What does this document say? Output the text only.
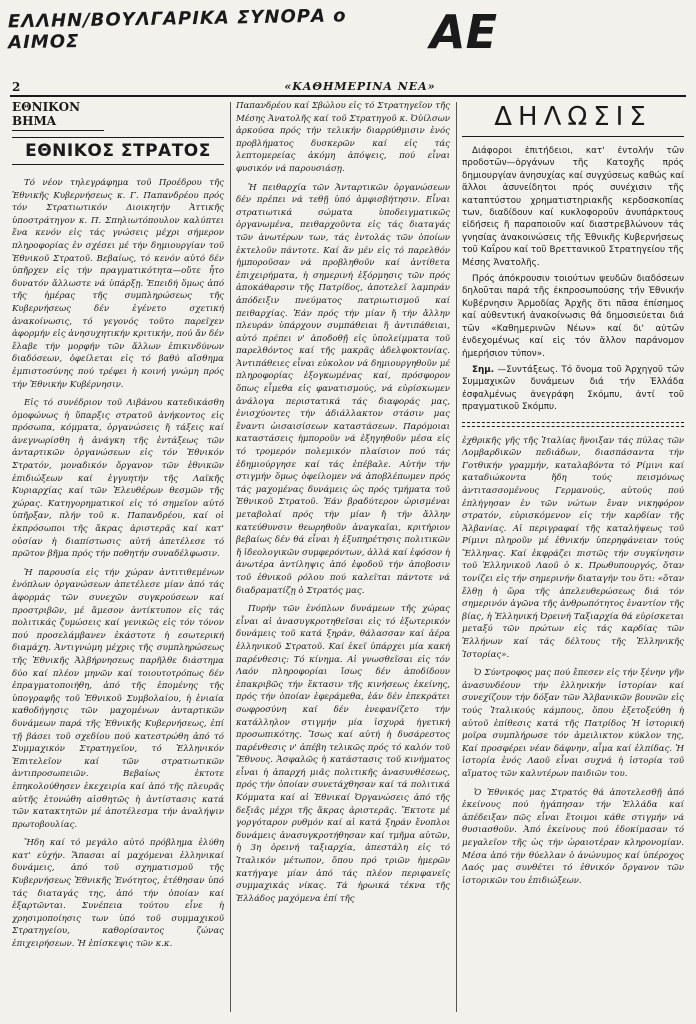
ΕΛΛΗΝ/ΒΟΥΛΓΑΡΙΚΑ ΣΥΝΟΡΑ ο ΑΙΜΟΣ	ΑΕ
2	«ΚΑΘΗΜΕΡΙΝΑ ΝΕΑ»
ΕΘΝΙΚΟΝ ΒΗΜΑ
ΕΘΝΙΚΟΣ ΣΤΡΑΤΟΣ

Τό νέον τηλεγράφημα τοῦ Προέδρου τῆς Ἐθνικῆς Κυβερνήσεως κ. Γ. Παπανδρέου πρός τόν Στρατιωτικόν Διοικητήν Ἀττικῆς ὑποστράτηγον κ. Π. Σπηλιωτόπουλον καλύπτει ἕνα κενόν εἰς τάς γνώσεις μέχρι σήμερον πληροφορίας ἐν σχέσει μέ τήν δημιουργίαν τοῦ Ἐθνικοῦ Στρατοῦ. Βεβαίως, τό κενόν αὐτό δέν ὑπῆρχεν εἰς τήν πραγματικότητα—οὔτε ἦτο δυνατόν ἄλλωστε νά ὑπάρξῃ. Ἐπειδή ὅμως ἀπό τῆς ἡμέρας τῆς συμπληρώσεως τῆς Κυβερνήσεως δέν ἐγένετο σχετική ἀνακοίνωσις, τό γεγονός τοῦτο παρεῖχεν ἀφορμήν εἰς ἀνησυχητικήν κριτικήν, πού ἄν δέν ἔλαβε τήν μορφήν τῶν ἄλλων ἐπικινδύνων διαδόσεων, ὀφείλεται εἰς τό βαθύ αἴσθημα ἐμπιστοσύνης πού τρέφει ἡ κοινή γνώμη πρός τήν Ἐθνικήν Κυβέρνησιν.

Εἰς τό συνέδριον τοῦ Λιβάνου κατεδικάσθη ὁμοφώνως ἡ ὕπαρξις στρατοῦ ἀνήκοντος εἰς πρόσωπα, κόμματα, ὀργανώσεις ἤ τάξεις καί ἀνεγνωρίσθη ἡ ἀνάγκη τῆς ἐντάξεως τῶν ἀνταρτικῶν ὀργανώσεων εἰς τόν Ἐθνικόν Στρατόν, μοναδικόν ὄργανον τῶν ἐθνικῶν ἐπιδιώξεων καί ἐγγυητήν τῆς Λαϊκῆς Κυριαρχίας καί τῶν Ἐλευθέρων θεσμῶν τῆς χώρας. Κατηγορηματικοί εἰς τό σημεῖον αὐτό ὑπῆρξαν, πλήν τοῦ κ. Παπανδρέου, καί οἱ ἐκπρόσωποι τῆς ἄκρας ἀριστερᾶς καί κατ' οὐσίαν ἡ διαπίστωσις αὐτή ἀπετέλεσε τό πρῶτον βῆμα πρός τήν ποθητήν συναδέλφωσιν.

Ἡ παρουσία εἰς τήν χώραν ἀντιτιθεμένων ἐνόπλων ὀργανώσεων ἀπετέλεσε μίαν ἀπό τάς ἀφορμάς τῶν συνεχῶν συγκρούσεων καί προστριβῶν, μέ ἄμεσον ἀντίκτυπον εἰς τάς πολιτικάς ζυμώσεις καί γενικῶς εἰς τόν τόνον πού προσελάμβανεν ἑκάστοτε ἡ εσωτερική διαμάχη. Ἀντιγνώμη μέχρις τῆς συμπληρώσεως τῆς Ἐθνικῆς Ἀλβήρνησεως παρῆλθε διάστημα δύο καί πλέον μηνῶν καί τοιουτοτρόπως δέν ἐπραγματοποιήθη, ἀπό τῆς ἐπομένης τῆς ὑπογραφῆς τοῦ Ἐθνικοῦ Συμβολαίου, ἡ ἑνιαία καθοδήγησις τῶν μαχομένων ἀνταρτικῶν δυνάμεων παρά τῆς Ἐθνικῆς Κυβερνήσεως, ἐπί τῇ βάσει τοῦ σχεδίου πού κατεστρώθη ἀπό τό Συμμαχικόν Στρατηγεῖον, τό Ἑλληνικόν Ἐπιτελεῖον καί τῶν στρατιωτικῶν ἀντιπροσωπειῶν. Βεβαίως ἐκτοτε ἐπηκολούθησεν ἐκεχειρία καί ἀπό τῆς πλευρᾶς αὐτῆς ἐτονώθη αἰσθητῶς ἡ ἀντίστασις κατά τῶν κατακτητῶν μέ ἀποτέλεσμα τήν ἀναλήψιν πρωτοβουλίας.

Ἤδη καί τό μεγάλο αὐτό πρόβλημα ἐλύθη κατ' εὐχήν. Ἅπασαι αἱ μαχόμεναι ἑλληνικαί δυνάμεις, ἀπό τοῦ σχηματισμοῦ τῆς Κυβερνήσεως Ἐθνικῆς Ἑνότητος, ἐτέθησαν ὑπό τάς διαταγάς της, ἀπό τήν ὁποίαν καί ἐξαρτῶνται. Συνέπεια τούτου εἶνε ἡ χρησιμοποίησις των ὑπό τοῦ συμμαχικοῦ Στρατηγείου, καθορίσαντος ζώνας ἐπιχειρήσεων. Ἡ ἐπίσκεψις τῶν κ.κ.

Παπανδρέου καί Σβώλου εἰς τό Στρατηγεῖον τῆς Μέσης Ἀνατολῆς καί τοῦ Στρατηγοῦ κ. Ὀὐίλσων ἀρκούσα πρός τήν τελικήν διαρρύθμισιν ἑνός προβλήματος δυσκερῶν καί εἰς τάς λεπτομερείας ἀκόμη ἀπόψεις, πού εἶναι φυσικόν νά παρουσιάσῃ.

Ἡ πειθαρχία τῶν Ἀνταρτικῶν ὀργανώσεων δέν πρέπει νά τεθῇ ὑπό ἀμφισβήτησιν. Εἶναι στρατιωτικά σώματα ὑποδειγματικῶς ὀργανωμένα, πειθαρχοῦντα εἰς τάς διαταγάς τῶν ἀνωτέρων των, τάς ἐντολάς τῶν ὁποίων ἐκτελοῦν πάντοτε. Καί ἄν μέν εἰς τό παρελθόν ἠμποροῦσαν νά προβληθοῦν καί ἀντίθετα ἐπιχειρήματα, ἡ σημερινή ἐξόρμησις τῶν πρός ἀποκάθαρσιν τῆς Πατρίδος, ἀποτελεῖ λαμπράν ἀπόδειξιν πνεύματος πατριωτισμοῦ καί πειθαρχίας. Ἐάν πρός τήν μίαν ἤ τήν ἄλλην πλευράν ὑπάρχουν συμπάθειαι ἤ ἀντιπάθειαι, αὐτό πρέπει ν' ἀποδοθῇ εἰς ὑπολείμματα τοῦ παρελθόντος καί τῆς μακρᾶς ἀδελφοκτονίας. Ἀντιπάθειες εἶναι εὐκολον νά δημιουργηθοῦν μέ πληροφορίας ἐξογκωμένας καί, πρόσφορον ὅπως εἶμεθα εἰς φανατισμούς, νά εὑρίσκωμεν ἀνάλογα περιστατικά τάς διαφοράς μας, ἐνισχύοντες τήν ἀδιάλλακτον στάσιν μας ἔναντι ὡισαισίσεων καταστάσεων. Παρόμοιαι καταστάσεις ἠμποροῦν νά ἐξηγηθοῦν μέσα εἰς τό τρομερόν πολεμικόν πλαίσιον πού τάς ἐδημιούργησε καί τάς ἐπέβαλε. Αὐτήν τήν στιγμήν ὅμως ὀφείλομεν νά ἀποβλέπωμεν πρός τάς μαχομένας δυνάμεις ὡς πρός τμήματα τοῦ Ἐθνικοῦ Στρατοῦ. Ἐάν βραδύτερον ὡρισμέναι μεταβολαί πρός τήν μίαν ἤ τήν ἄλλην κατεύθυνσιν θεωρηθοῦν ἀναγκαῖαι, κριτήριον βεβαίως δέν θά εἶναι ἡ ἐξυπηρέτησις πολιτικῶν ἤ ἰδεολογικῶν συμφερόντων, ἀλλά καί ἐφόσον ἡ ἀνωτέρα ἀντίληψις ἀπό ἐφοδοῦ τήν ἀποβοσιν τοῦ ἐθνικοῦ ρόλου πού καλεῖται πάντοτε νά διαδραματίζῃ ὁ Στρατός μας.

Πυρήν τῶν ἐνόπλων δυνάμεων τῆς χώρας εἶναι αἱ ἀνασυγκροτηθεῖσαι εἰς τό ἐξωτερικόν δυνάμεις τοῦ κατά ξηράν, θάλασσαν καί ἀέρα ἑλληνικοῦ Στρατοῦ. Καί ἐκεῖ ὑπάρχει μία κακή παρένθεσις: Τό κίνημα. Αἱ γνωσθεῖσαι εἰς τόν Λαόν πληροφορίαι ἴσως δέν ἀποδίδουν ἐπακριβῶς τήν ἔκτασιν τῆς κινήσεως ἐκείνης, πρός τήν ὁποίαν ἐφεράμεθα, ἐάν δέν ἐπεκράτει σωφροσύνη καί δέν ἐνεφανίζετο τήν κατάλληλον στιγμήν μία ἰσχυρά ἡγετική προσωπικότης. Ἴσως καί αὐτή ἡ δυσάρεστος παρένθεσις ν' ἀπέβη τελικῶς πρός τό καλόν τοῦ Ἔθνους. Ἀσφαλῶς ἡ κατάστασις τοῦ κινήματος εἶναι ἡ ἀπαρχή μιᾶς πολιτικῆς ἀνασυνθέσεως, πρός τήν ὁποίαν συνετάχθησαν καί τά πολιτικά Κόμματα καί αἱ Ἐθνικαί Ὀργανώσεις ἀπό τῆς δεξιᾶς μέχρι τῆς ἄκρας ἀριστερᾶς. Ἔκτοτε μέ γοργόταρον ρυθμόν καί αἱ κατά ξηράν ἔνοπλοι δυνάμεις ἀνασυγκροτήθησαν καί τμῆμα αὐτῶν, ἡ 3η ὀρεινή ταξιαρχία, ἀπεστάλη εἰς τό Ἰταλικόν μέτωπον, ὅπου πρό τριῶν ἡμερῶν κατήγαγε μίαν ἀπό τάς πλέον περιφανεῖς συμμαχικάς νίκας. Τά ἡρωικά τέκνα τῆς Ἑλλάδος μαχόμενα ἐπί τῆς

ΔΗΛΩΣΙΣ

Διάφοροι ἐπιτήδειοι, κατ' ἐντολήν τῶν προδοτῶν—ὀργάνων τῆς Κατοχῆς πρός δημιουργίαν ἀνησυχίας καί συγχύσεως καθώς καί ἄλλοι ἀσυνείδητοι πρός συνέχισιν τῆς καταπτύστου χρηματιστηριακῆς κερδοσκοπίας των, διαδίδουν καί κυκλοφοροῦν ἀνυπάρκτους εἰδήσεις ἤ παραποιοῦν καί διαστρεβλώνουν τάς γνησίας ἀνακοινώσεις τῆς Ἐθνικῆς Κυβερνήσεως τοῦ Καΐρου καί τοῦ Βρεττανικοῦ Στρατηγείου τῆς Μέσης Ἀνατολῆς.

Πρός ἀπόκρουσιν τοιούτων ψευδῶν διαδόσεων δηλοῦται παρά τῆς ἐκπροσωπούσης τήν Ἐθνικήν Κυβέρνησιν Ἁρμοδίας Ἀρχῆς ὅτι πᾶσα ἐπίσημος καί αὐθεντική ἀνακοίνωσις θά δημοσιεύεται διά τῶν «Καθημερινῶν Νέων» καί δι' αὐτῶν ἐνδεχομένως καί εἰς τόν ἄλλον παράνομον ἡμερήσιον τύπον».

Σημ. —Συντάξεως. Τό ὄνομα τοῦ Ἀρχηγοῦ τῶν Συμμαχικῶν δυνάμεων διά τήν Ἑλλάδα ἐσφαλμένως ἀνεγράφη Σκόμπυ, ἀντί τοῦ πραγματικοῦ Σκόμπυ.

ἐχθρικῆς γῆς τῆς Ἰταλίας ἤνοιξαν τάς πύλας τῶν Λομβαρδικῶν πεδιάδων, διασπάσαντα τήν Γοτθικήν γραμμήν, καταλαβόντα τό Ρίμινι καί καταδιώκοντα ἤδη τούς πεισμόνως ἀντιτασσομένους Γερμανούς, αὐτούς πού ἐπλήγησαν ἐν τῶν νώτων ἔναν νικηφόρον στρατόν, εὑρισκόμενον εἰς τήν καρδίαν τῆς Ἀλβανίας. Αἱ περιγραφαί τῆς καταλήψεως τοῦ Ρίμινι πληροῦν μέ ἐθνικήν ὑπερηφάνειαν τούς Ἕλληνας. Καί ἐκφράζει πιστῶς τήν συγκίνησιν τοῦ Ἑλληνικοῦ Λαοῦ ὁ κ. Πρωθυπουργός, ὅταν τονίζει εἰς τήν σημερινήν διαταγήν του ὅτι: «ὅταν ἔλθῃ ἡ ὥρα τῆς ἀπελευθερώσεως διά τόν σημερινόν ἀγῶνα τῆς ἀνθρωπότητος ἐναντίον τῆς βίας, ἡ Ἑλληνική Ὀρεινή Ταξιαρχία θά εὑρίσκεται μεταξύ τῶν πρώτων εἰς τάς καρδίας τῶν Ἑλλήνων καί τάς δέλτους τῆς Ἑλληνικῆς Ἱστορίας».

Ὁ Σύντροφος μας πού ἔπεσεν εἰς τήν ξένην γῆν ἀνασυνδέουν τήν ἑλληνικήν ἱστορίαν καί συνεχίζουν τήν δόξαν τῶν Ἀλβανικῶν βουνῶν εἰς τούς Ἰταλικούς κάμπους, ὅπου ἐξετοξεύθη ἡ αὐτοῦ ἐπίθεσις κατά τῆς Πατρίδος Ἡ ἱστορική μοῖρα συμπλήρωσε τόν ἀμειλικτον κύκλον της, Καί προσφέρει νέαν δάφνην, αἷμα καί ἐλπίδας. Ἡ ἱστορία ἑνός Λαοῦ εἶναι συχνά ἡ ἱστορία τοῦ αἵματος τῶν καλυτέρων παιδιῶν του.

Ὁ Ἐθνικός μας Στρατός θά ἀποτελεσθῇ ἀπό ἐκείνους πού ἠγάπησαν τήν Ἑλλάδα καί ἀπέδειξαν πῶς εἶναι ἕτοιμοι κάθε στιγμήν νά θυσιασθοῦν. Ἀπό ἐκείνους πού ἐδοκίμασαν τό μεγαλεῖον τῆς ὡς τήν ὡραιοτέραν κληρονομίαν. Μέσα ἀπό τήν θύελλαν ὁ ἀνώνυμος καί ὑπέροχος Λαός μας συνθέτει τό ἐθνικόν ὄργανον τῶν ἱστορικῶν του ἐπιδιώξεων.
